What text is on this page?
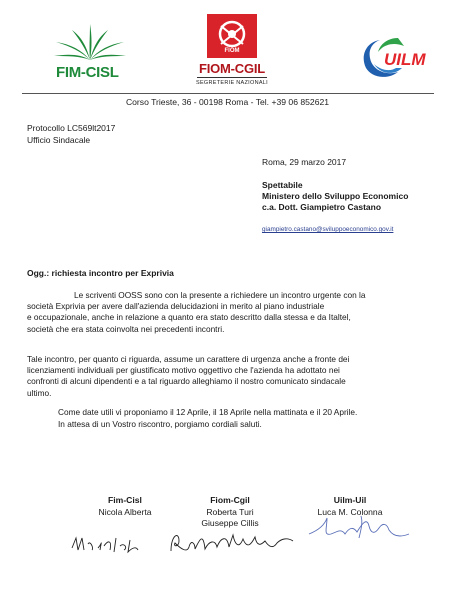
FIM-CISL
FIOM
FIOM-CGIL
SEGRETERIE NAZIONALI
UILM
Corso Trieste, 36 - 00198 Roma - Tel. +39 06 852621
Protocollo LC569lt2017
Ufficio Sindacale
Roma, 29 marzo 2017
Spettabile
Ministero dello Sviluppo Economico
c.a. Dott. Giampietro Castano
giampietro.castano@sviluppoeconomico.gov.it
Ogg.: richiesta incontro per Exprivia
Le scriventi OOSS sono con la presente a richiedere un incontro urgente con la
società Exprivia per avere dall'azienda delucidazioni in merito al piano industriale
e occupazionale, anche in relazione a quanto era stato descritto dalla stessa e da Italtel,
società che era stata coinvolta nei precedenti incontri.
Tale incontro, per quanto ci riguarda, assume un carattere di urgenza anche a fronte dei
licenziamenti individuali per giustificato motivo oggettivo che l'azienda ha adottato nei
confronti di alcuni dipendenti e a tal riguardo alleghiamo il nostro comunicato sindacale
ultimo.
Come date utili vi proponiamo il 12 Aprile, il 18 Aprile nella mattinata e il 20 Aprile.
In attesa di un Vostro riscontro, porgiamo cordiali saluti.
Fim-Cisl
Nicola Alberta
Fiom-Cgil
Roberta Turi
Giuseppe Cillis
Uilm-Uil
Luca M. Colonna
